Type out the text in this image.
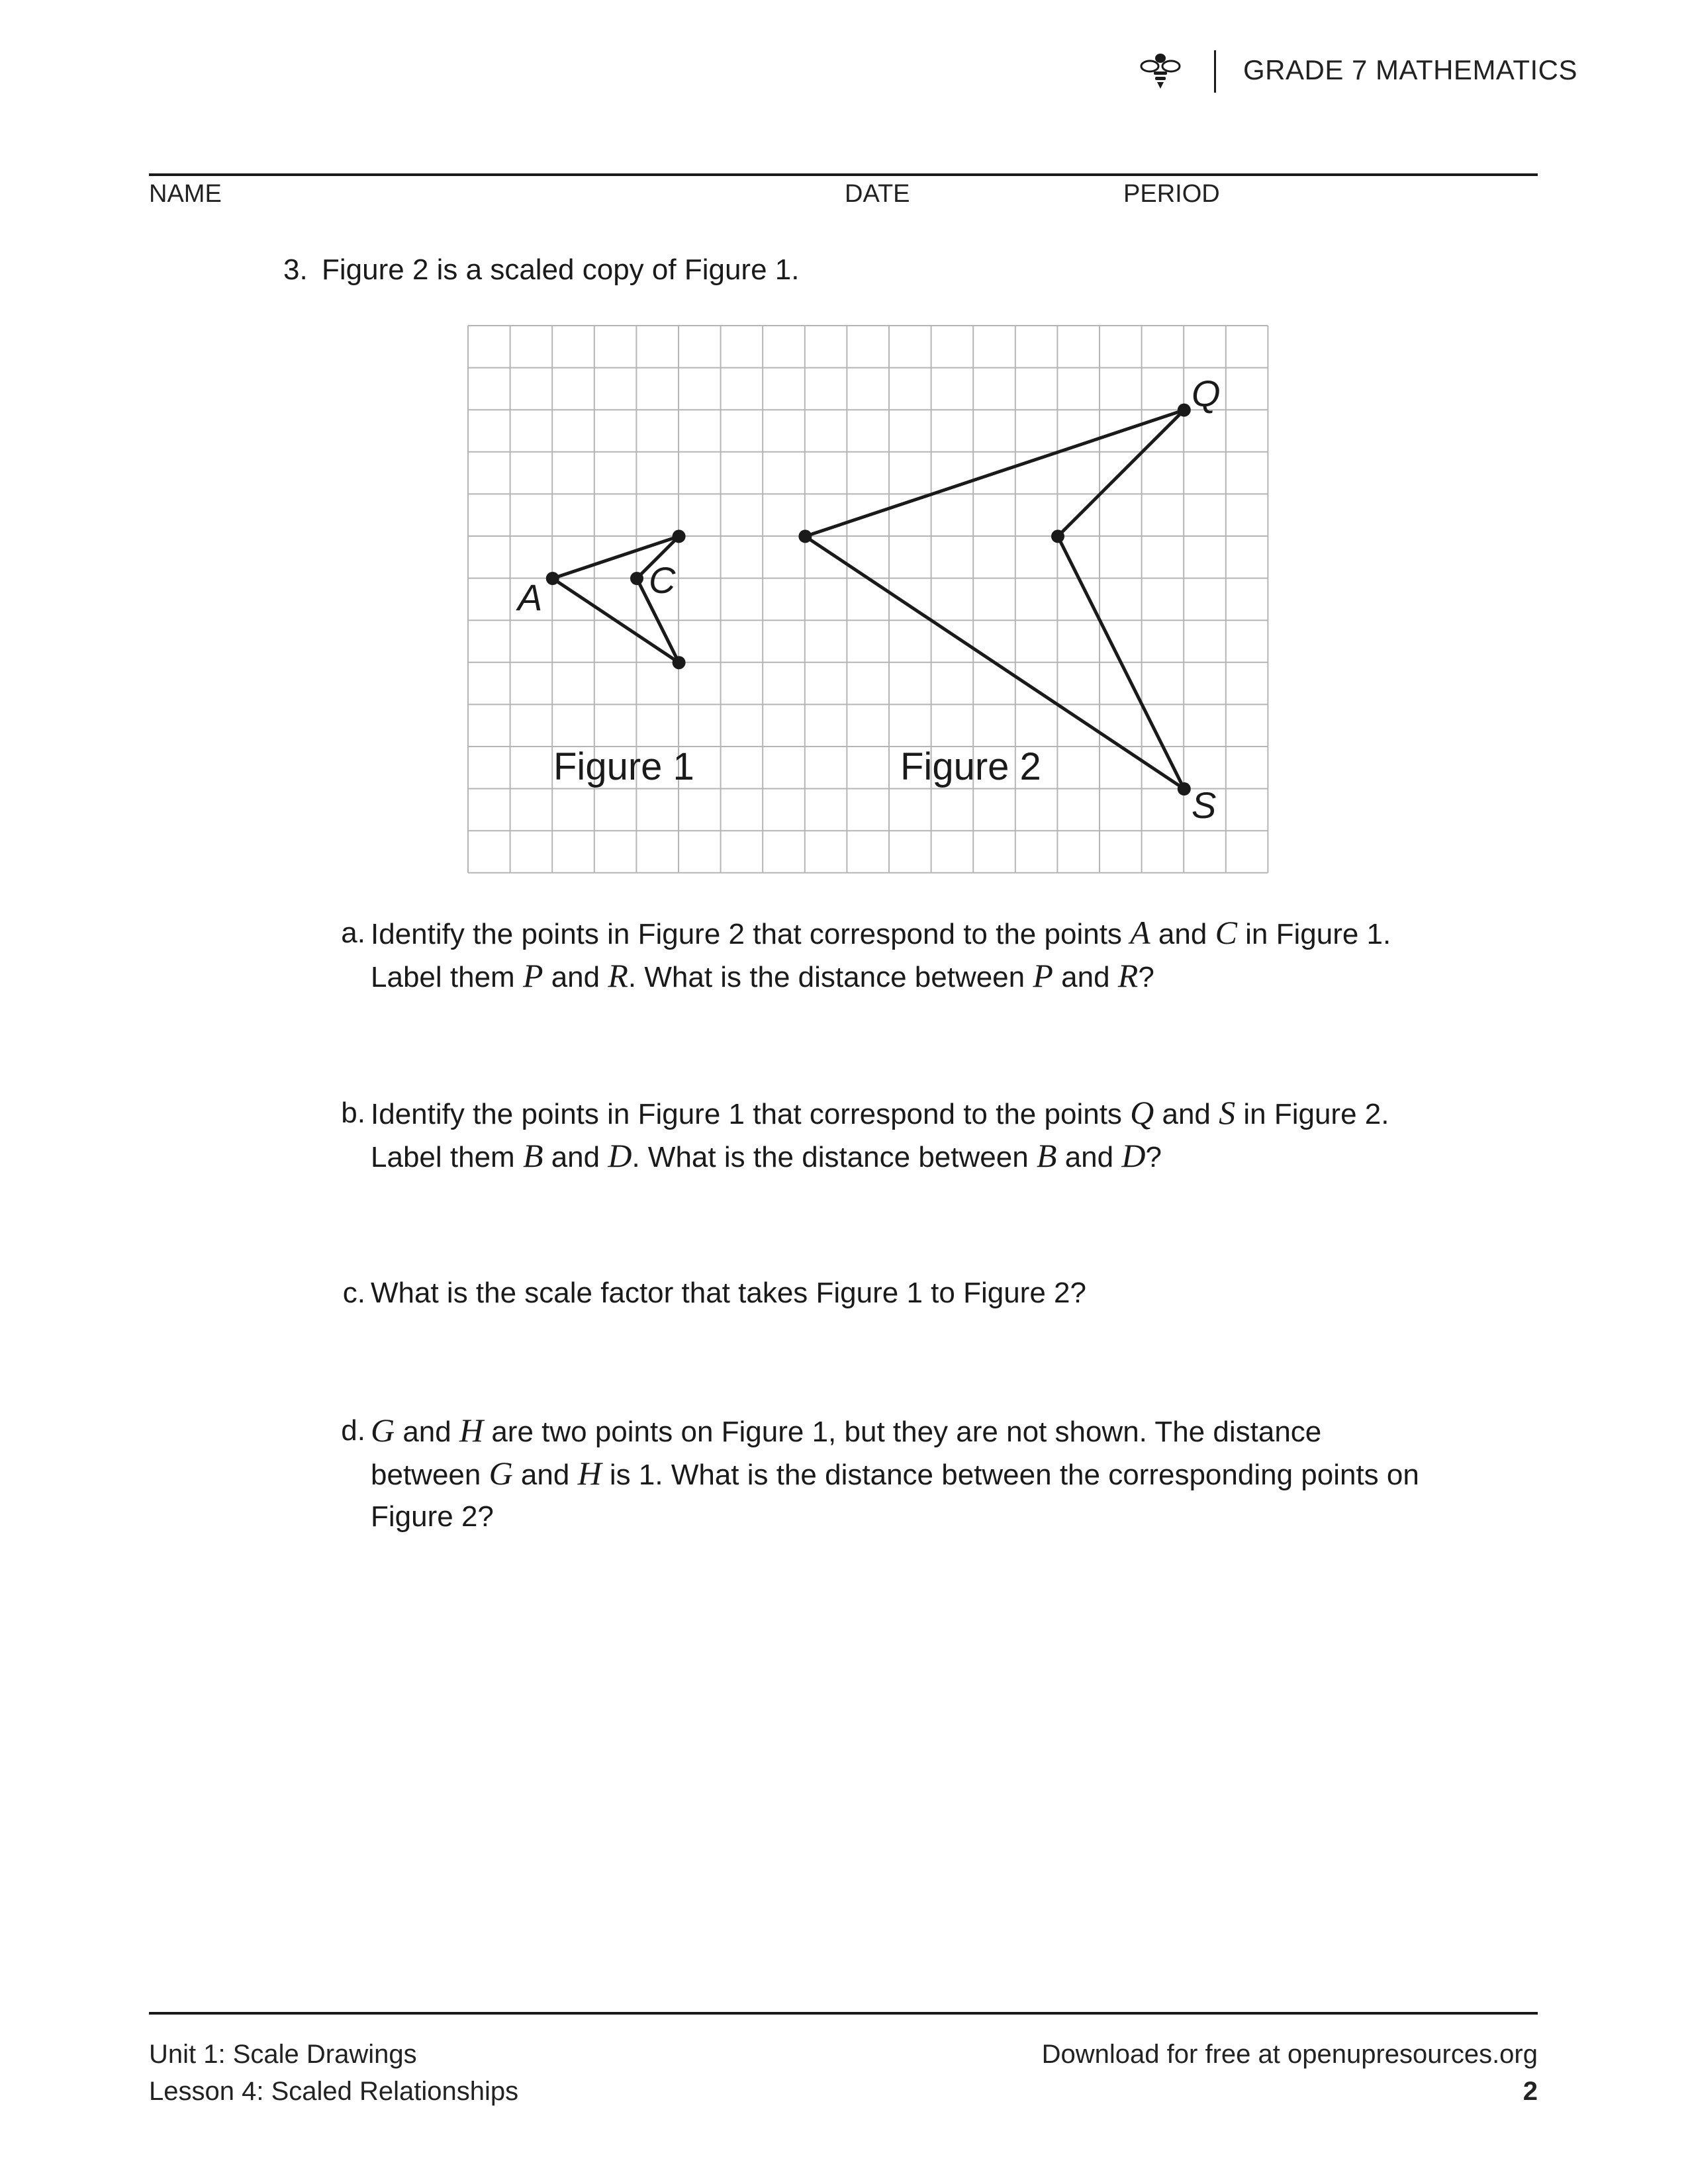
GRADE 7 MATHEMATICS
NAME	DATE	PERIOD
3. Figure 2 is a scaled copy of Figure 1.
A	C
Q
S
Figure 1	Figure 2
a. Identify the points in Figure 2 that correspond to the points A and C in Figure 1.
Label them P and R. What is the distance between P and R?
b. Identify the points in Figure 1 that correspond to the points Q and S in Figure 2.
Label them B and D. What is the distance between B and D?
c. What is the scale factor that takes Figure 1 to Figure 2?
d. G and H are two points on Figure 1, but they are not shown. The distance
between G and H is 1. What is the distance between the corresponding points on
Figure 2?
Unit 1: Scale Drawings
Lesson 4: Scaled Relationships
Download for free at openupresources.org
2
